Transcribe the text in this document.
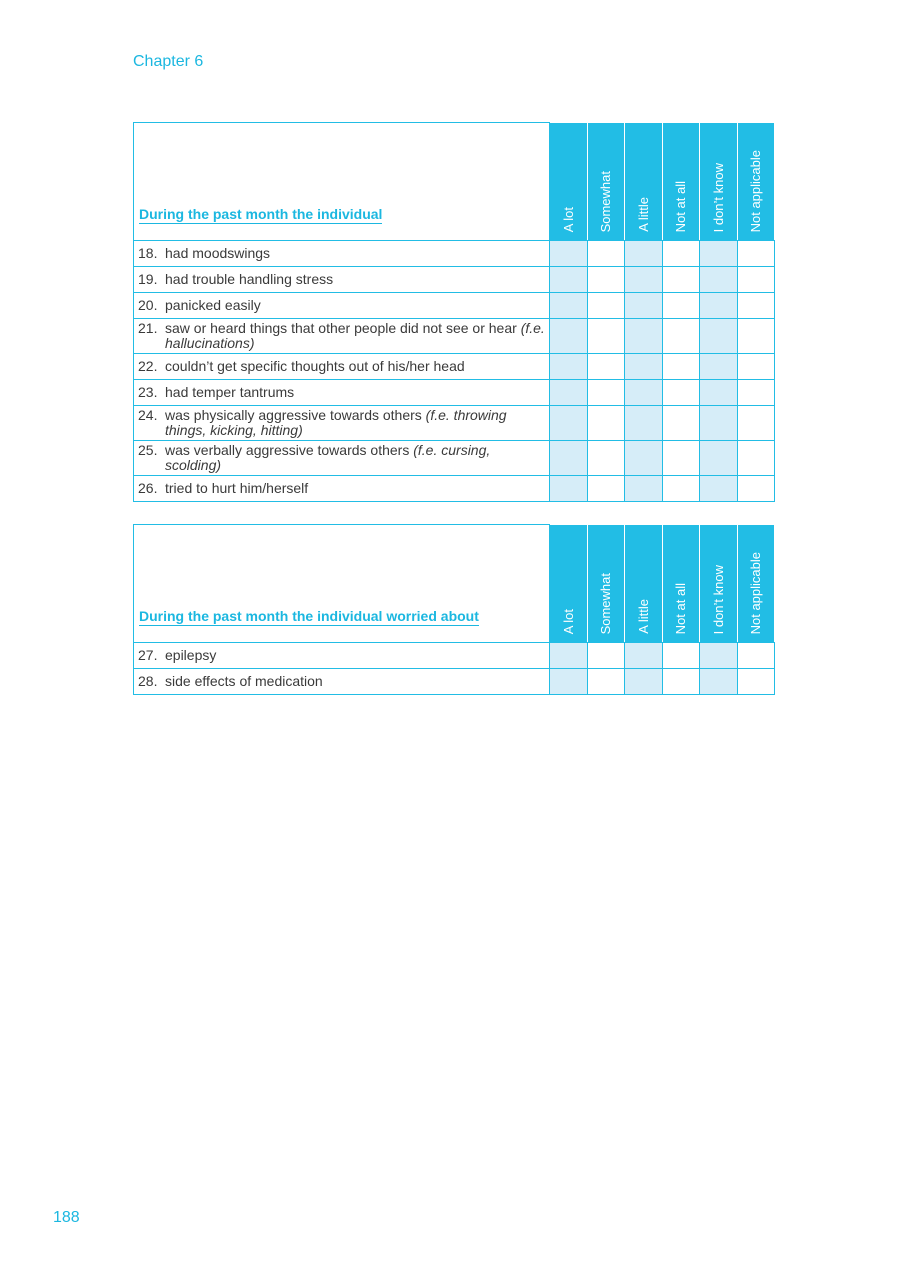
Chapter 6
During the past month the individual	A lot	Somewhat	A little	Not at all	I don’t know	Not applicable
18. had moodswings						
19. had trouble handling stress						
20. panicked easily						
21. saw or heard things that other people did not see or hear (f.e. hallucinations)						
22. couldn’t get specific thoughts out of his/her head						
23. had temper tantrums						
24. was physically aggressive towards others (f.e. throwing things, kicking, hitting)						
25. was verbally aggressive towards others (f.e. cursing, scolding)						
26. tried to hurt him/herself						
During the past month the individual worried about	A lot	Somewhat	A little	Not at all	I don’t know	Not applicable
27. epilepsy						
28. side effects of medication						
188
